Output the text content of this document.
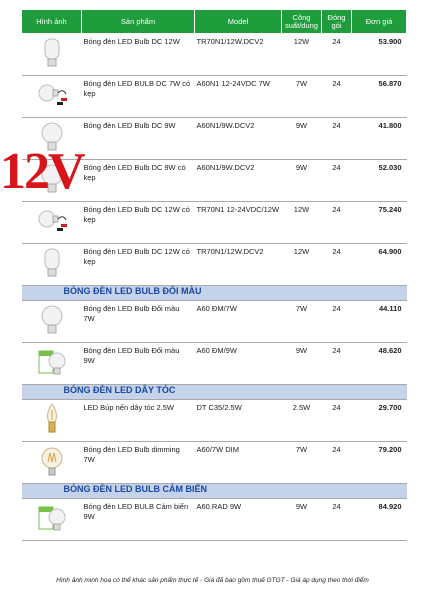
Hình ảnh	Sản phẩm	Model	Công suất/dung	Đóng gói	Đơn giá

	Bóng đèn LED Bulb DC 12W	TR70N1/12W.DCV2	12W	24	53.900

	Bóng đèn LED BULB DC 7W có kẹp	A60N1 12-24VDC 7W	7W	24	56.870

	Bóng đèn LED Bulb DC 9W	A60N1/9W.DCV2	9W	24	41.800

	Bóng đèn LED Bulb DC 9W có kẹp	A60N1/9W.DCV2	9W	24	52.030

	Bóng đèn LED Bulb DC 12W có kẹp	TR70N1 12-24VDC/12W	12W	24	75.240

	Bóng đèn LED Bulb DC 12W có kẹp	TR70N1/12W.DCV2	12W	24	64.900
BÓNG ĐÈN LED BULB ĐỔI MÀU					

	Bóng đèn LED Bulb Đổi màu 7W	A60 ĐM/7W	7W	24	44.110

	Bóng đèn LED Bulb Đổi màu 9W	A60 ĐM/9W	9W	24	48.620
BÓNG ĐÈN LED DÂY TÓC					

	LED Búp nến dây tóc 2.5W	DT C35/2.5W	2.5W	24	29.700

	Bóng đèn LED Bulb dimming 7W	A60/7W DIM	7W	24	79.200
BÓNG ĐÈN LED BULB CẢM BIẾN					

	Bóng đèn LED BULB Cảm biến 9W	A60.RAD 9W	9W	24	84.920
12V
Hình ảnh minh họa có thể khác sản phẩm thực tế - Giá đã bao gồm thuế GTGT - Giá áp dụng theo thời điểm
